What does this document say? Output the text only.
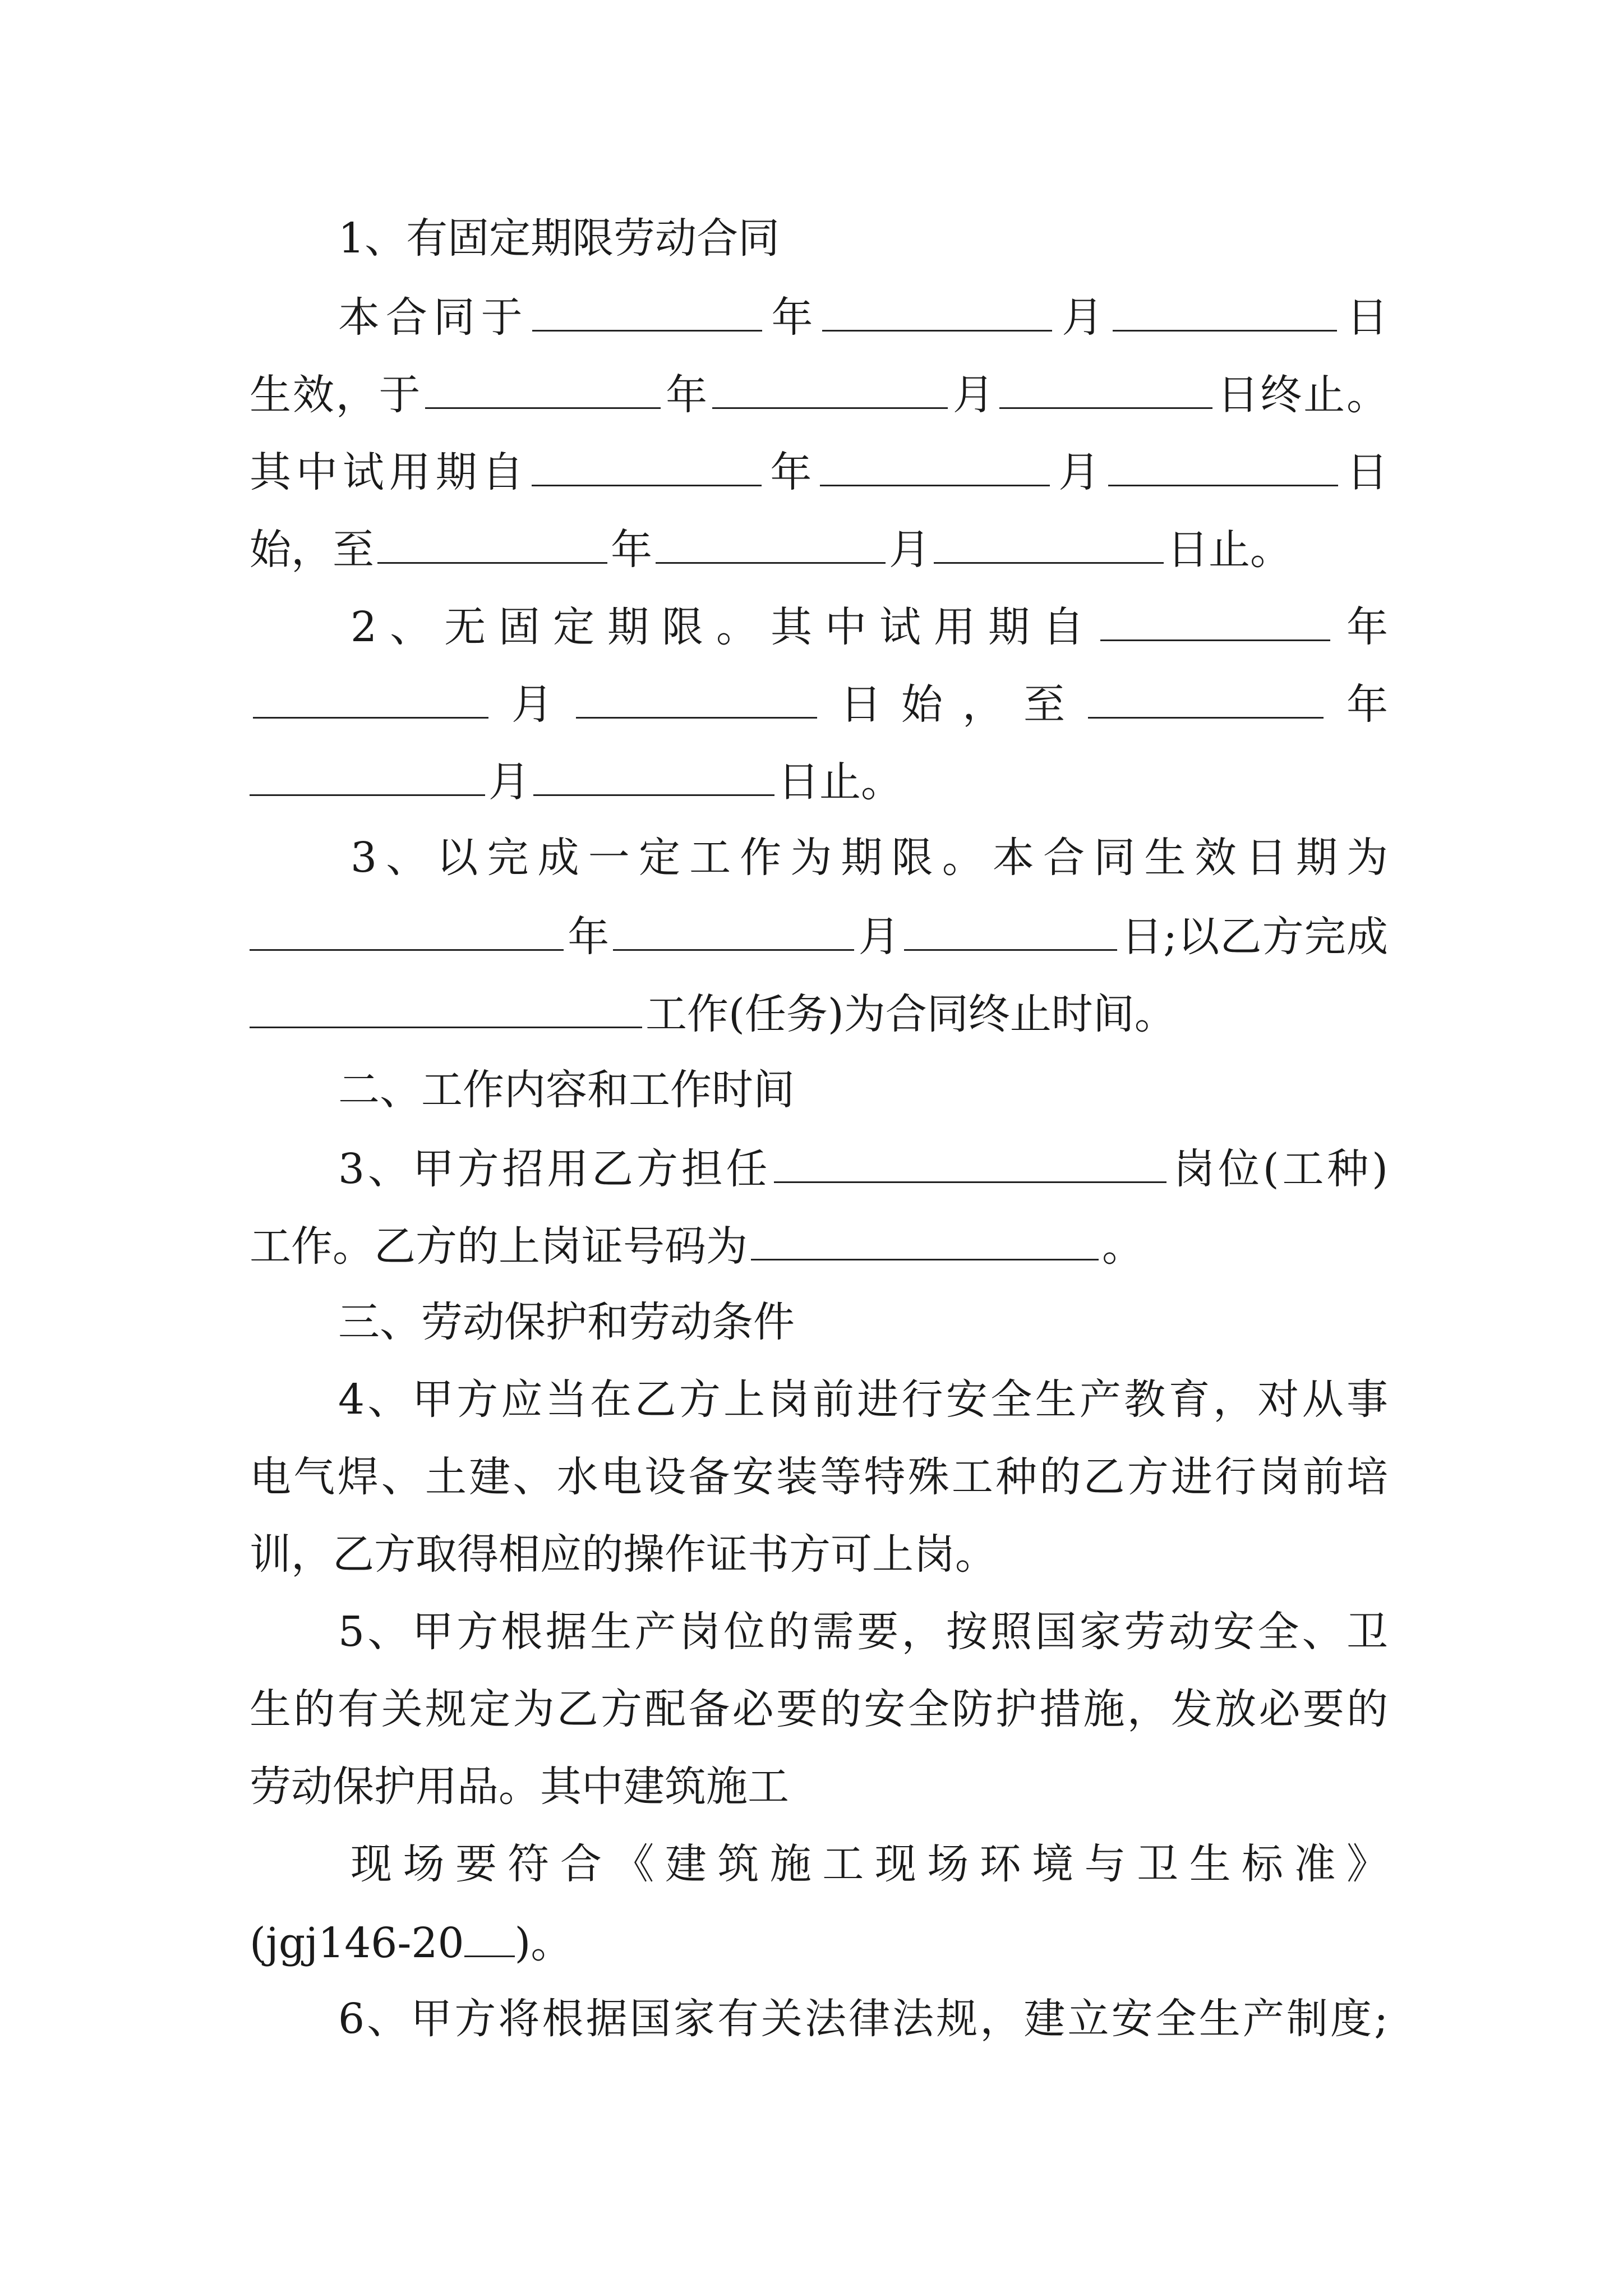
1、有固定期限劳动合同
本合同于	年	月	日
生效，于	年	月	日终止。
其中试用期自	年	月	日
始，至	年	月	日止。
2、无固定期限。其中试用期自	年
月	日始，至	年
月	日止。
3、以完成一定工作为期限。本合同生效日期为
年	月	日;以乙方完成
工作(任务)为合同终止时间。
二、工作内容和工作时间
3、甲方招用乙方担任	岗位(工种)
工作。乙方的上岗证号码为	。
三、劳动保护和劳动条件
4、甲方应当在乙方上岗前进行安全生产教育，对从事
电气焊、土建、水电设备安装等特殊工种的乙方进行岗前培
训，乙方取得相应的操作证书方可上岗。
5、甲方根据生产岗位的需要，按照国家劳动安全、卫
生的有关规定为乙方配备必要的安全防护措施，发放必要的
劳动保护用品。其中建筑施工
现场要符合《建筑施工现场环境与卫生标准》
(jgj146-20 )。
6、甲方将根据国家有关法律法规，建立安全生产制度;
